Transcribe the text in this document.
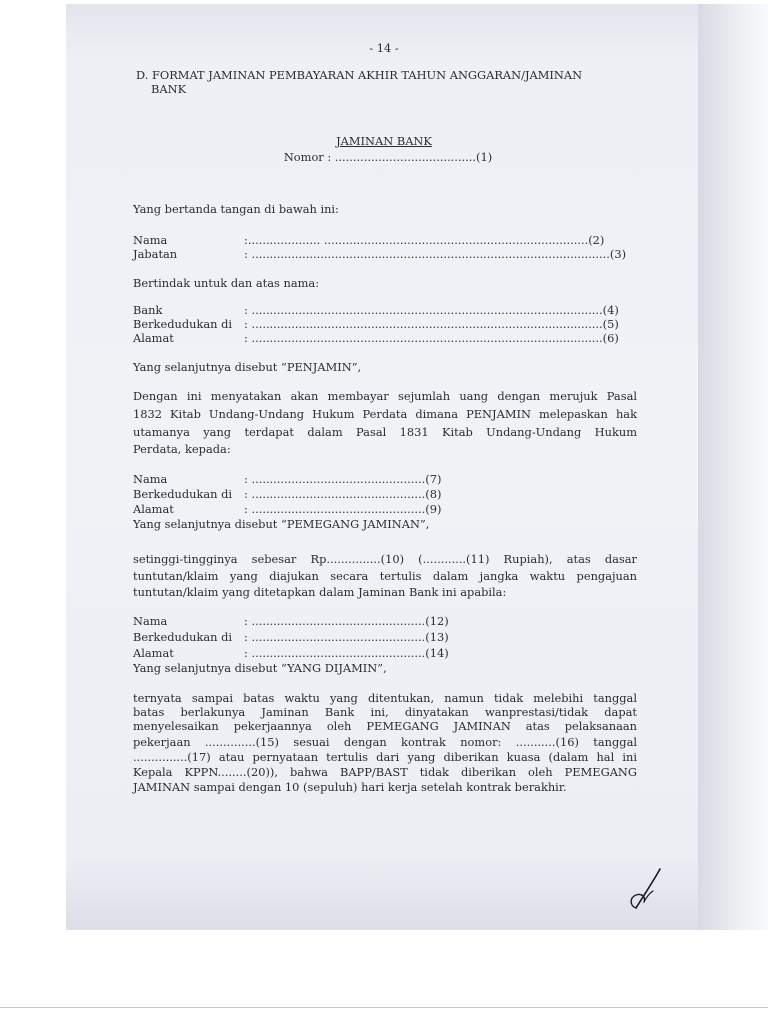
- 14 -
D. FORMAT JAMINAN PEMBAYARAN AKHIR TAHUN ANGGARAN/JAMINAN
BANK
JAMINAN BANK
Nomor : .......................................(1)
Yang bertanda tangan di bawah ini:
Nama	:.................... .........................................................................(2)
Jabatan	: ...................................................................................................(3)
Bertindak untuk dan atas nama:
Bank	: .................................................................................................(4)
Berkedudukan di : .................................................................................................(5)
Alamat	: .................................................................................................(6)
Yang selanjutnya disebut “PENJAMIN”,
Dengan ini menyatakan akan membayar sejumlah uang dengan merujuk Pasal
1832 Kitab Undang-Undang Hukum Perdata dimana PENJAMIN melepaskan hak
utamanya yang terdapat dalam Pasal 1831 Kitab Undang-Undang Hukum
Perdata, kepada:
Nama	: ................................................(7)
Berkedudukan di : ................................................(8)
Alamat	: ................................................(9)
Yang selanjutnya disebut “PEMEGANG JAMINAN”,
setinggi-tingginya sebesar Rp...............(10) (............(11) Rupiah), atas dasar
tuntutan/klaim yang diajukan secara tertulis dalam jangka waktu pengajuan
tuntutan/klaim yang ditetapkan dalam Jaminan Bank ini apabila:
Nama	: ................................................(12)
Berkedudukan di : ................................................(13)
Alamat	: ................................................(14)
Yang selanjutnya disebut “YANG DIJAMIN”,
ternyata sampai batas waktu yang ditentukan, namun tidak melebihi tanggal
batas berlakunya Jaminan Bank ini, dinyatakan wanprestasi/tidak dapat
menyelesaikan pekerjaannya oleh PEMEGANG JAMINAN atas pelaksanaan
pekerjaan ..............(15) sesuai dengan kontrak nomor: ...........(16) tanggal
...............(17) atau pernyataan tertulis dari yang diberikan kuasa (dalam hal ini
Kepala KPPN........(20)), bahwa BAPP/BAST tidak diberikan oleh PEMEGANG
JAMINAN sampai dengan 10 (sepuluh) hari kerja setelah kontrak berakhir.
